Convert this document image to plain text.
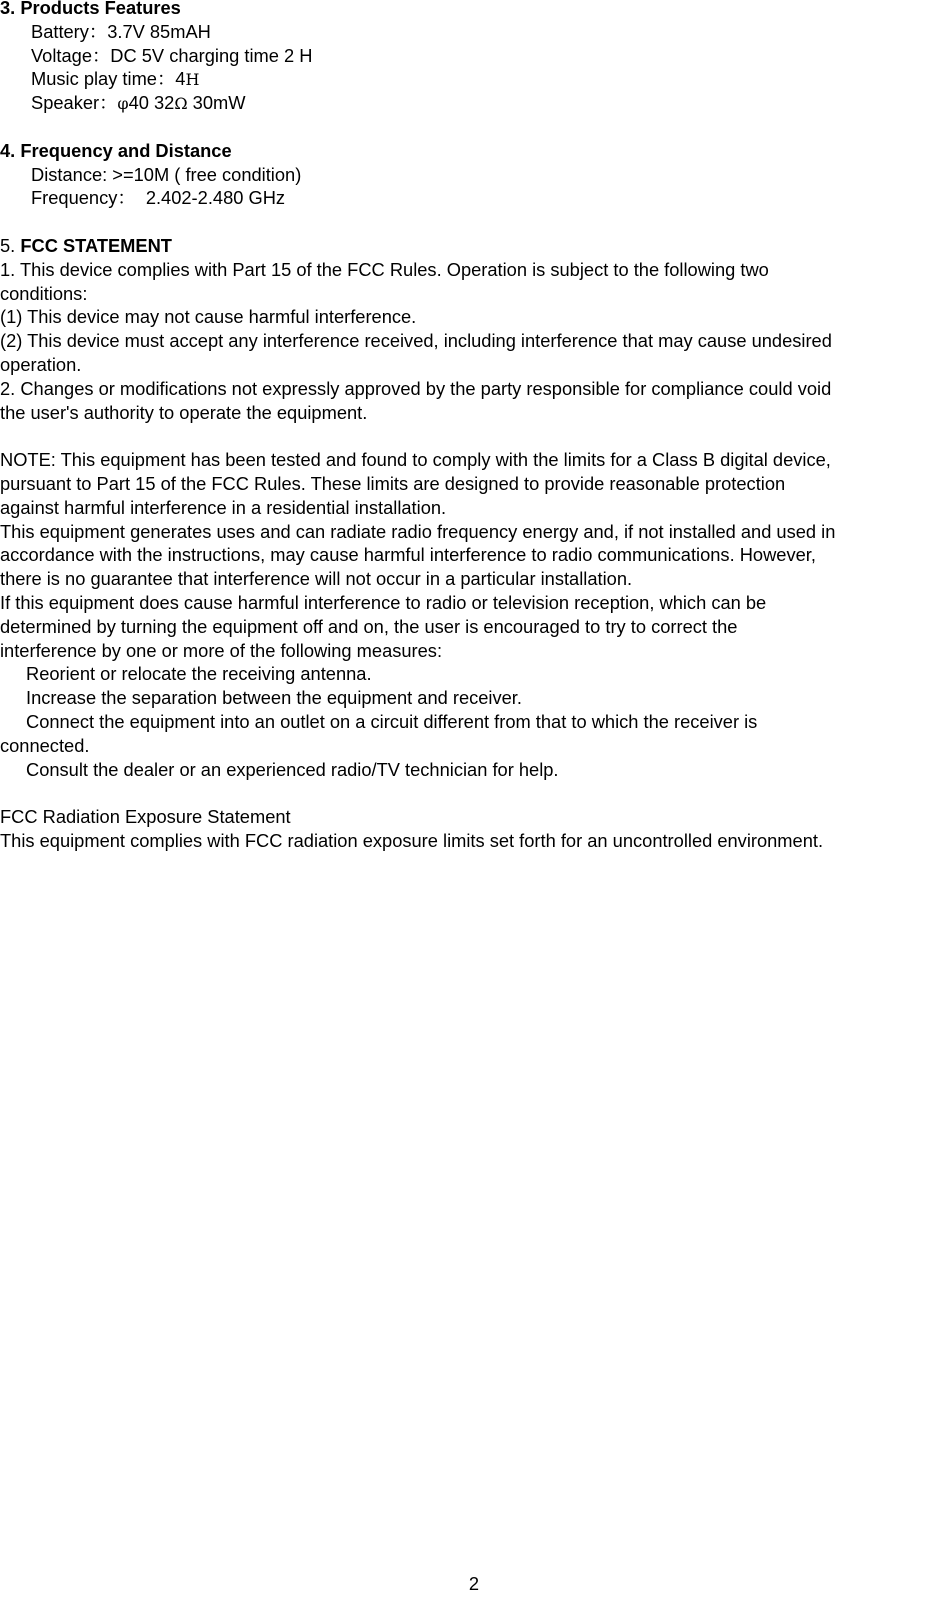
3. Products Features
Battery：3.7V 85mAH
Voltage：DC 5V charging time 2 H
Music play time：4H
Speaker：φ40 32Ω 30mW
4. Frequency and Distance
Distance: >=10M ( free condition)
Frequency：  2.402-2.480 GHz
5. FCC STATEMENT
1. This device complies with Part 15 of the FCC Rules. Operation is subject to the following two
conditions:
(1) This device may not cause harmful interference.
(2) This device must accept any interference received, including interference that may cause undesired
operation.
2. Changes or modifications not expressly approved by the party responsible for compliance could void
the user's authority to operate the equipment.
NOTE: This equipment has been tested and found to comply with the limits for a Class B digital device,
pursuant to Part 15 of the FCC Rules. These limits are designed to provide reasonable protection
against harmful interference in a residential installation.
This equipment generates uses and can radiate radio frequency energy and, if not installed and used in
accordance with the instructions, may cause harmful interference to radio communications. However,
there is no guarantee that interference will not occur in a particular installation.
If this equipment does cause harmful interference to radio or television reception, which can be
determined by turning the equipment off and on, the user is encouraged to try to correct the
interference by one or more of the following measures:
Reorient or relocate the receiving antenna.
Increase the separation between the equipment and receiver.
Connect the equipment into an outlet on a circuit different from that to which the receiver is
connected.
Consult the dealer or an experienced radio/TV technician for help.
FCC Radiation Exposure Statement
This equipment complies with FCC radiation exposure limits set forth for an uncontrolled environment.
2
